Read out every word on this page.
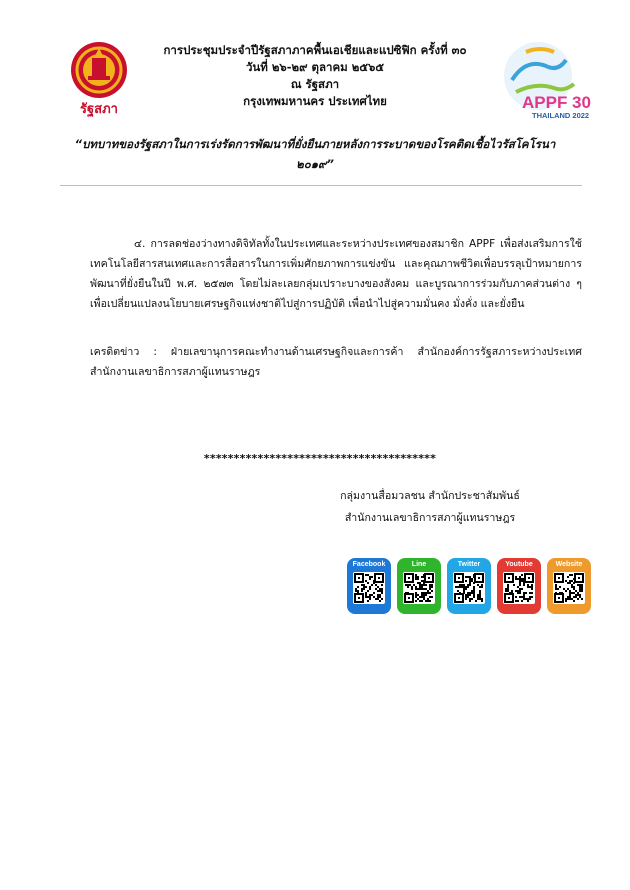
รัฐสภา	APPF 30
THAILAND 2022
การประชุมประจำปีรัฐสภาภาคพื้นเอเชียและแปซิฟิก ครั้งที่ ๓๐
วันที่ ๒๖-๒๙ ตุลาคม ๒๕๖๕
ณ รัฐสภา
กรุงเทพมหานคร ประเทศไทย
“บทบาทของรัฐสภาในการเร่งรัดการพัฒนาที่ยั่งยืนภายหลังการระบาดของโรคติดเชื้อไวรัสโคโรนา ๒๐๑๙”
๔. การลดช่องว่างทางดิจิทัลทั้งในประเทศและระหว่างประเทศของสมาชิก APPF เพื่อส่งเสริมการใช้เทคโนโลยีสารสนเทศและการสื่อสารในการเพิ่มศักยภาพการแข่งขัน และคุณภาพชีวิตเพื่อบรรลุเป้าหมายการพัฒนาที่ยั่งยืนในปี พ.ศ. ๒๕๗๓ โดยไม่ละเลยกลุ่มเปราะบางของสังคม และบูรณาการร่วมกับภาคส่วนต่าง ๆ เพื่อเปลี่ยนแปลงนโยบายเศรษฐกิจแห่งชาติไปสู่การปฏิบัติ เพื่อนำไปสู่ความมั่นคง มั่งคั่ง และยั่งยืน
เครดิตข่าว : ฝ่ายเลขานุการคณะทำงานด้านเศรษฐกิจและการค้า สำนักองค์การรัฐสภาระหว่างประเทศ สำนักงานเลขาธิการสภาผู้แทนราษฎร
***************************************
กลุ่มงานสื่อมวลชน สำนักประชาสัมพันธ์
สำนักงานเลขาธิการสภาผู้แทนราษฎร
Facebook	Line	Twitter	Youtube	Website
